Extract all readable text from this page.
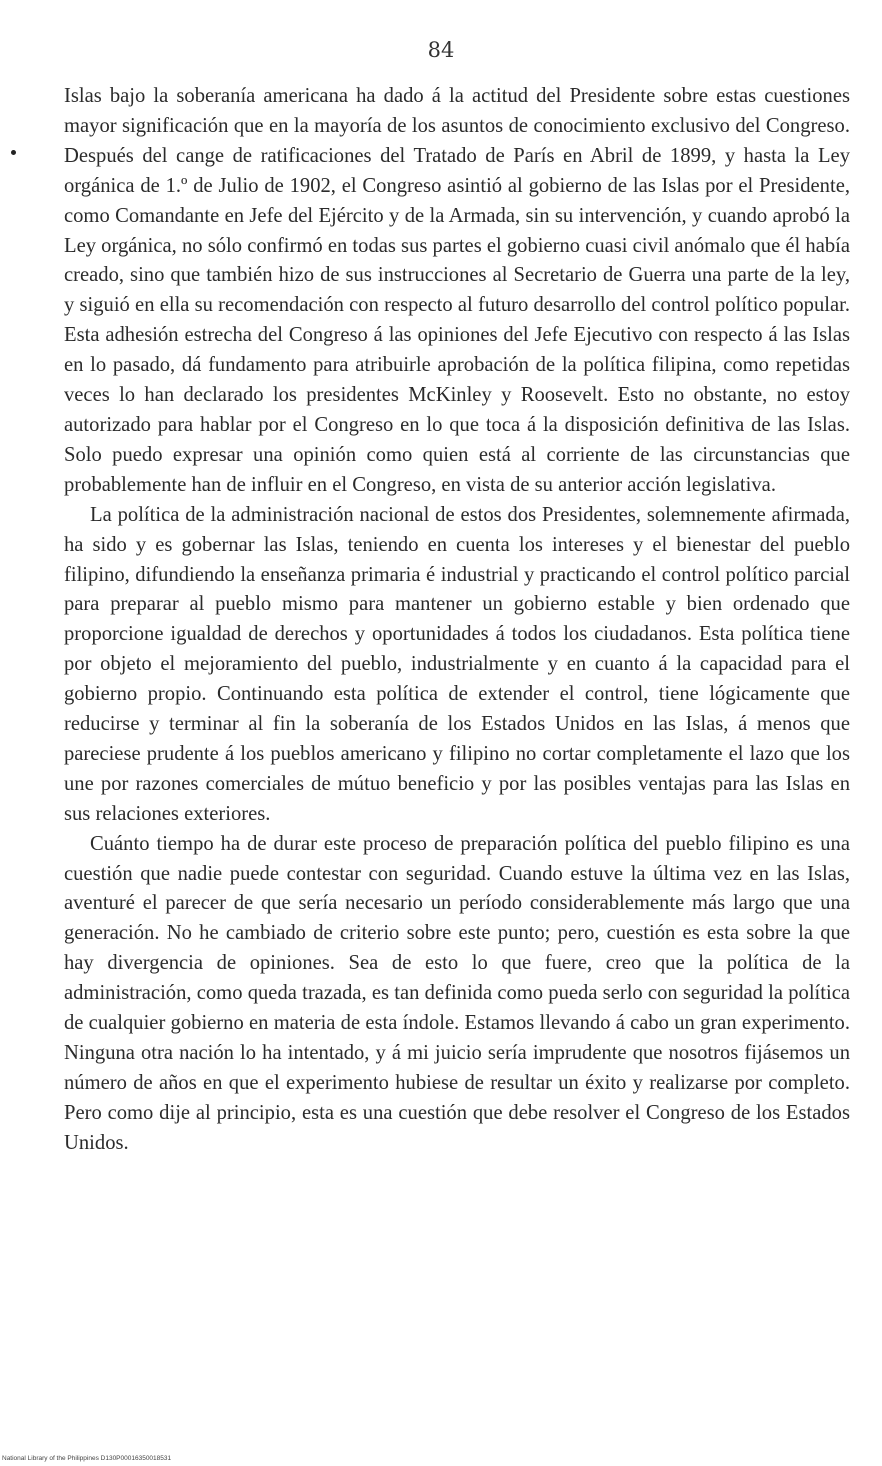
84

Islas bajo la soberanía americana ha dado á la actitud del Presidente sobre estas cuestiones mayor significación que en la mayoría de los asuntos de conocimiento exclusivo del Congreso. Después del cange de ratificaciones del Tratado de París en Abril de 1899, y hasta la Ley orgánica de 1.º de Julio de 1902, el Congreso asintió al gobierno de las Islas por el Presidente, como Comandante en Jefe del Ejército y de la Armada, sin su intervención, y cuando aprobó la Ley orgánica, no sólo confirmó en todas sus partes el gobierno cuasi civil anómalo que él había creado, sino que también hizo de sus instrucciones al Secretario de Guerra una parte de la ley, y siguió en ella su recomendación con respecto al futuro desarrollo del control político popular. Esta adhesión estrecha del Congreso á las opiniones del Jefe Ejecutivo con respecto á las Islas en lo pasado, dá fundamento para atribuirle aprobación de la política filipina, como repetidas veces lo han declarado los presidentes McKinley y Roosevelt. Esto no obstante, no estoy autorizado para hablar por el Congreso en lo que toca á la disposición definitiva de las Islas. Solo puedo expresar una opinión como quien está al corriente de las circunstancias que probablemente han de influir en el Congreso, en vista de su anterior acción legislativa.

La política de la administración nacional de estos dos Presidentes, solemnemente afirmada, ha sido y es gobernar las Islas, teniendo en cuenta los intereses y el bienestar del pueblo filipino, difundiendo la enseñanza primaria é industrial y practicando el control político parcial para preparar al pueblo mismo para mantener un gobierno estable y bien ordenado que proporcione igualdad de derechos y oportunidades á todos los ciudadanos. Esta política tiene por objeto el mejoramiento del pueblo, industrialmente y en cuanto á la capacidad para el gobierno propio. Continuando esta política de extender el control, tiene lógicamente que reducirse y terminar al fin la soberanía de los Estados Unidos en las Islas, á menos que pareciese prudente á los pueblos americano y filipino no cortar completamente el lazo que los une por razones comerciales de mútuo beneficio y por las posibles ventajas para las Islas en sus relaciones exteriores.

Cuánto tiempo ha de durar este proceso de preparación política del pueblo filipino es una cuestión que nadie puede contestar con seguridad. Cuando estuve la última vez en las Islas, aventuré el parecer de que sería necesario un período considerablemente más largo que una generación. No he cambiado de criterio sobre este punto; pero, cuestión es esta sobre la que hay divergencia de opiniones. Sea de esto lo que fuere, creo que la política de la administración, como queda trazada, es tan definida como pueda serlo con seguridad la política de cualquier gobierno en materia de esta índole. Estamos llevando á cabo un gran experimento. Ninguna otra nación lo ha intentado, y á mi juicio sería imprudente que nosotros fijásemos un número de años en que el experimento hubiese de resultar un éxito y realizarse por completo. Pero como dije al principio, esta es una cuestión que debe resolver el Congreso de los Estados Unidos.

National Library of the Philippines D130P00016350018531
